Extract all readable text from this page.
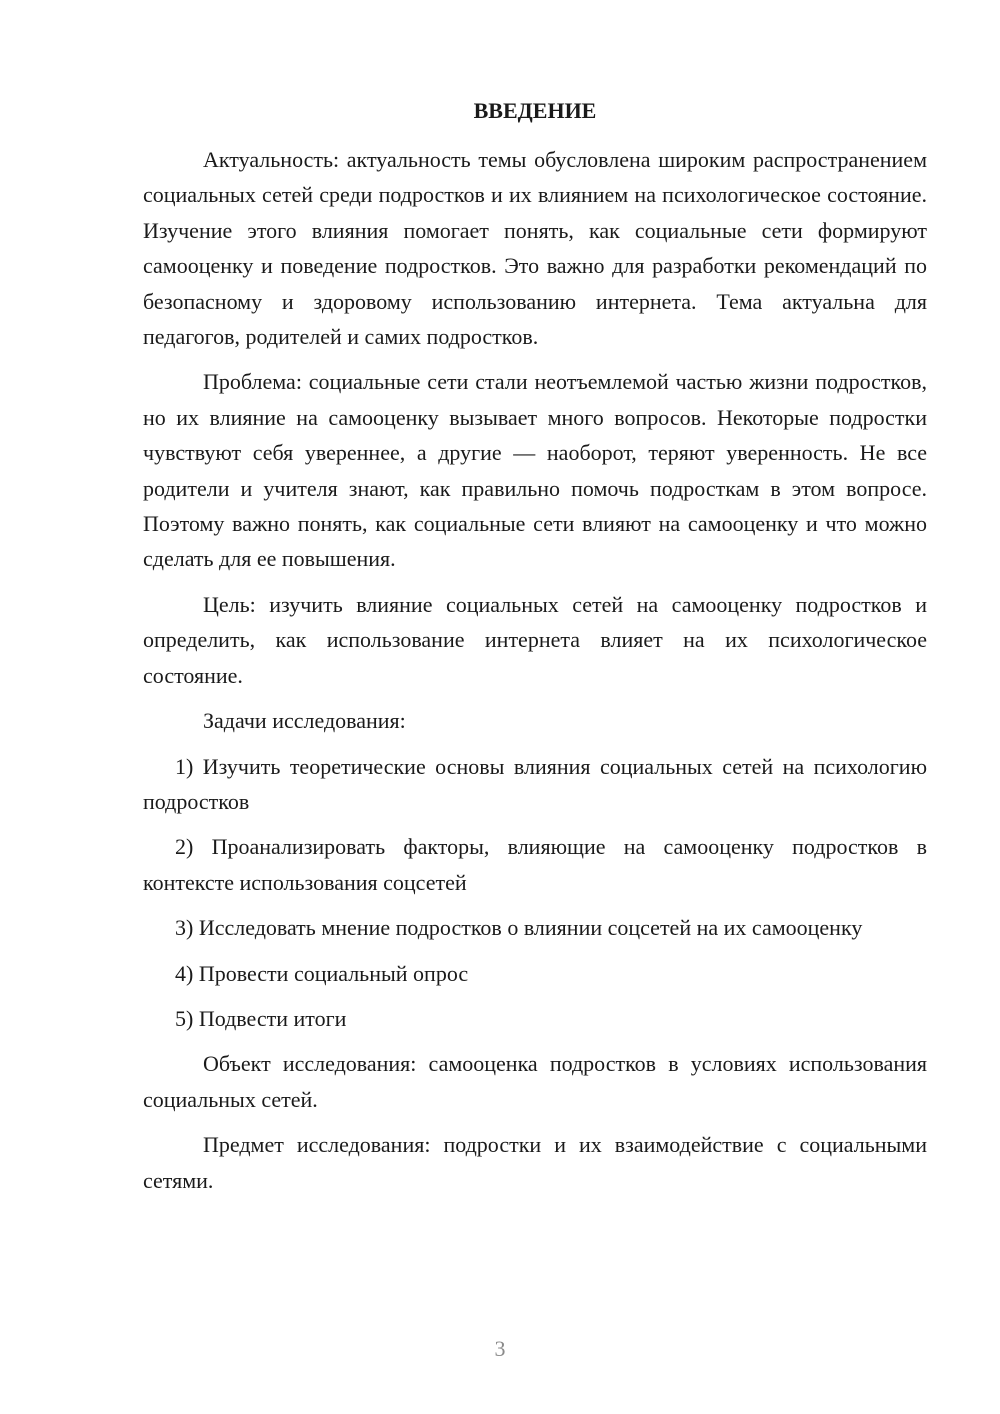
ВВЕДЕНИЕ

Актуальность: актуальность темы обусловлена широким распространением социальных сетей среди подростков и их влиянием на психологическое состояние. Изучение этого влияния помогает понять, как социальные сети формируют самооценку и поведение подростков. Это важно для разработки рекомендаций по безопасному и здоровому использованию интернета. Тема актуальна для педагогов, родителей и самих подростков.

Проблема: социальные сети стали неотъемлемой частью жизни подростков, но их влияние на самооценку вызывает много вопросов. Некоторые подростки чувствуют себя увереннее, а другие — наоборот, теряют уверенность. Не все родители и учителя знают, как правильно помочь подросткам в этом вопросе. Поэтому важно понять, как социальные сети влияют на самооценку и что можно сделать для ее повышения.

Цель: изучить влияние социальных сетей на самооценку подростков и определить, как использование интернета влияет на их психологическое состояние.

Задачи исследования:

1) Изучить теоретические основы влияния социальных сетей на психологию подростков

2) Проанализировать факторы, влияющие на самооценку подростков в контексте использования соцсетей

3) Исследовать мнение подростков о влиянии соцсетей на их самооценку

4) Провести социальный опрос

5) Подвести итоги

Объект исследования: самооценка подростков в условиях использования социальных сетей.

Предмет исследования: подростки и их взаимодействие с социальными сетями.

3
